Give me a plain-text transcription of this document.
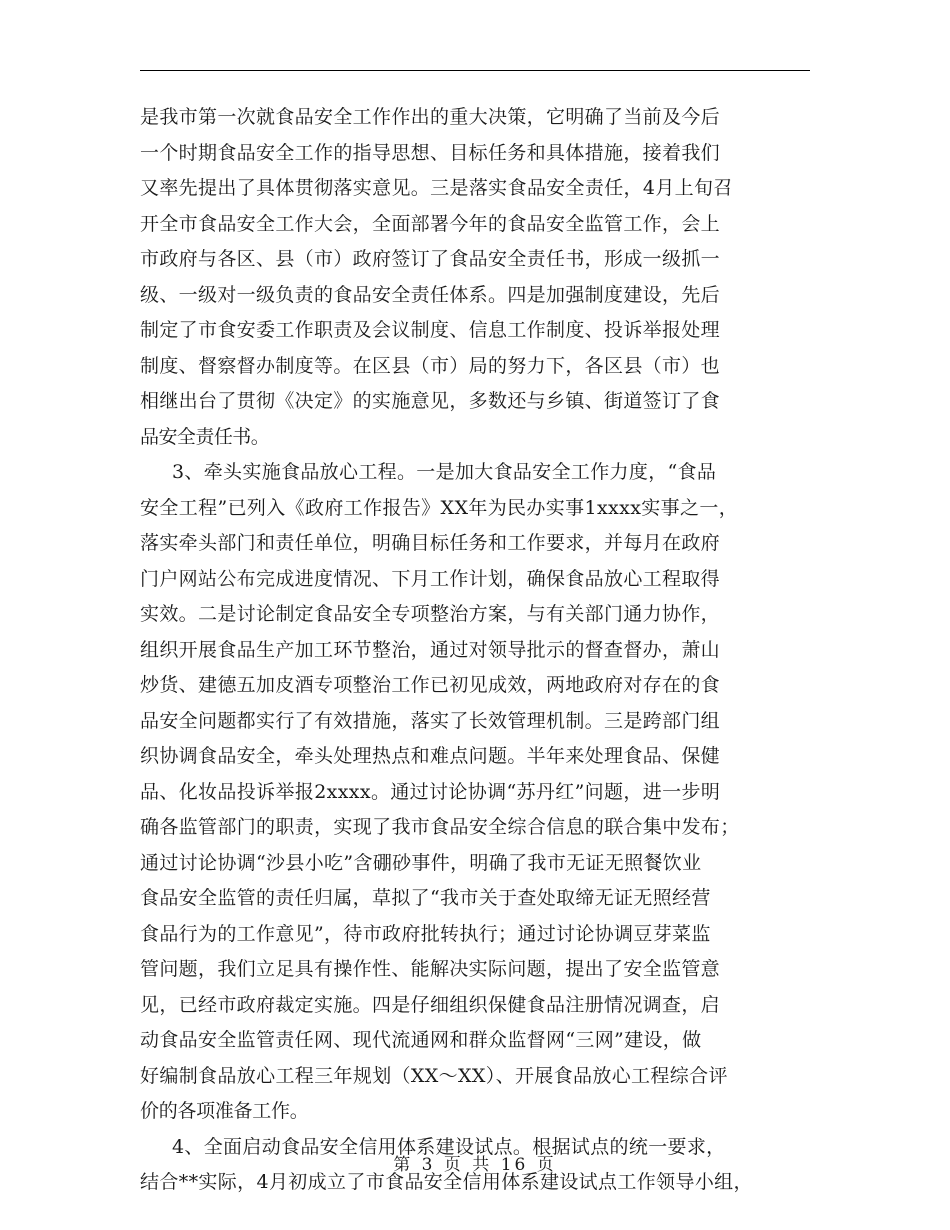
是我市第一次就食品安全工作作出的重大决策，它明确了当前及今后
一个时期食品安全工作的指导思想、目标任务和具体措施，接着我们
又率先提出了具体贯彻落实意见。三是落实食品安全责任，4月上旬召
开全市食品安全工作大会，全面部署今年的食品安全监管工作，会上
市政府与各区、县（市）政府签订了食品安全责任书，形成一级抓一
级、一级对一级负责的食品安全责任体系。四是加强制度建设，先后
制定了市食安委工作职责及会议制度、信息工作制度、投诉举报处理
制度、督察督办制度等。在区县（市）局的努力下，各区县（市）也
相继出台了贯彻《决定》的实施意见，多数还与乡镇、街道签订了食
品安全责任书。
3、牵头实施食品放心工程。一是加大食品安全工作力度，“食品
安全工程”已列入《政府工作报告》XX年为民办实事1xxxx实事之一，
落实牵头部门和责任单位，明确目标任务和工作要求，并每月在政府
门户网站公布完成进度情况、下月工作计划，确保食品放心工程取得
实效。二是讨论制定食品安全专项整治方案，与有关部门通力协作，
组织开展食品生产加工环节整治，通过对领导批示的督查督办，萧山
炒货、建德五加皮酒专项整治工作已初见成效，两地政府对存在的食
品安全问题都实行了有效措施，落实了长效管理机制。三是跨部门组
织协调食品安全，牵头处理热点和难点问题。半年来处理食品、保健
品、化妆品投诉举报2xxxx。通过讨论协调“苏丹红”问题，进一步明
确各监管部门的职责，实现了我市食品安全综合信息的联合集中发布；
通过讨论协调“沙县小吃”含硼砂事件，明确了我市无证无照餐饮业
食品安全监管的责任归属，草拟了“我市关于查处取缔无证无照经营
食品行为的工作意见”，待市政府批转执行；通过讨论协调豆芽菜监
管问题，我们立足具有操作性、能解决实际问题，提出了安全监管意
见，已经市政府裁定实施。四是仔细组织保健食品注册情况调查，启
动食品安全监管责任网、现代流通网和群众监督网“三网”建设，做
好编制食品放心工程三年规划（XX～XX）、开展食品放心工程综合评
价的各项准备工作。
4、全面启动食品安全信用体系建设试点。根据试点的统一要求，
结合**实际，4月初成立了市食品安全信用体系建设试点工作领导小组，
第 3 页 共 16 页
